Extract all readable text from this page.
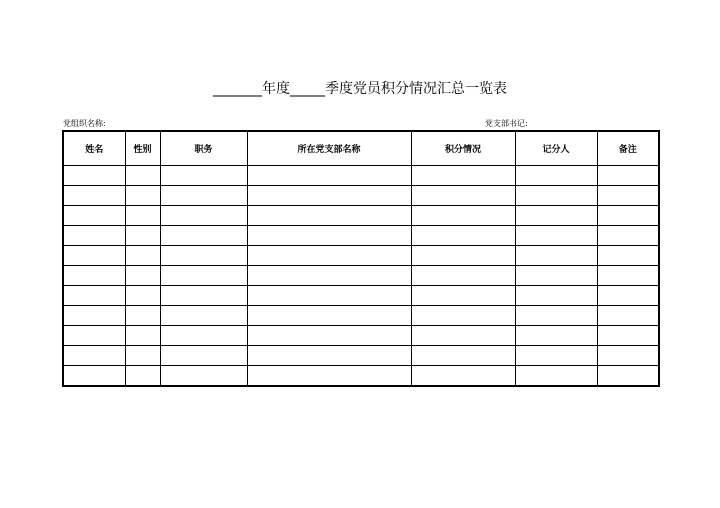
_______年度_____季度党员积分情况汇总一览表
党组织名称:	党支部书记:
姓名	性别	职务	所在党支部名称	积分情况	记分人	备注
